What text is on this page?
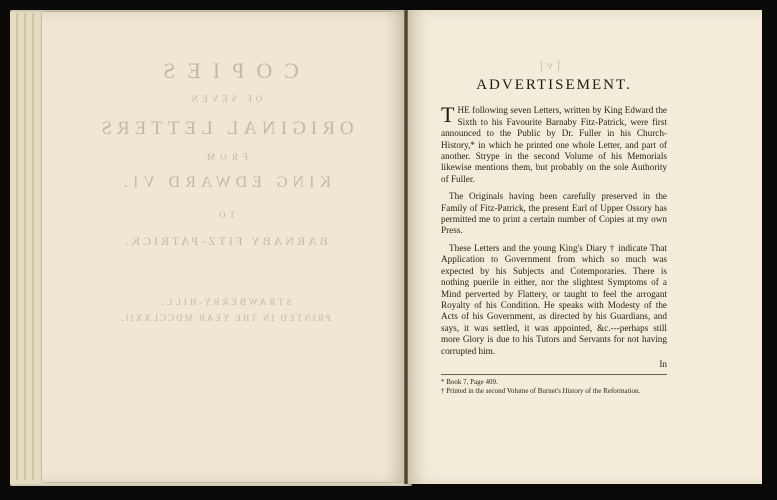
COPIES
OF SEVEN
ORIGINAL LETTERS
FROM
KING EDWARD VI.
TO
BARNABY FITZ-PATRICK.
STRAWBERRY-HILL:
PRINTED IN THE YEAR MDCCLXXII.
[ v ]
ADVERTISEMENT.

THE following seven Letters, written by King Edward the Sixth to his Favourite Barnaby Fitz-Patrick, were first announced to the Public by Dr. Fuller in his Church-History,* in which he printed one whole Letter, and part of another. Strype in the second Volume of his Memorials likewise mentions them, but probably on the sole Authority of Fuller.

The Originals having been carefully preserved in the Family of Fitz-Patrick, the present Earl of Upper Ossory has permitted me to print a certain number of Copies at my own Press.

These Letters and the young King's Diary † indicate That Application to Government from which so much was expected by his Subjects and Cotemporaries. There is nothing puerile in either, nor the slightest Symptoms of a Mind perverted by Flattery, or taught to feel the arrogant Royalty of his Condition. He speaks with Modesty of the Acts of his Government, as directed by his Guardians, and says, it was settled, it was appointed, &c.---perhaps still more Glory is due to his Tutors and Servants for not having corrupted him.

In
* Book 7, Page 409.
† Printed in the second Volume of Burnet's History of the Reformation.
